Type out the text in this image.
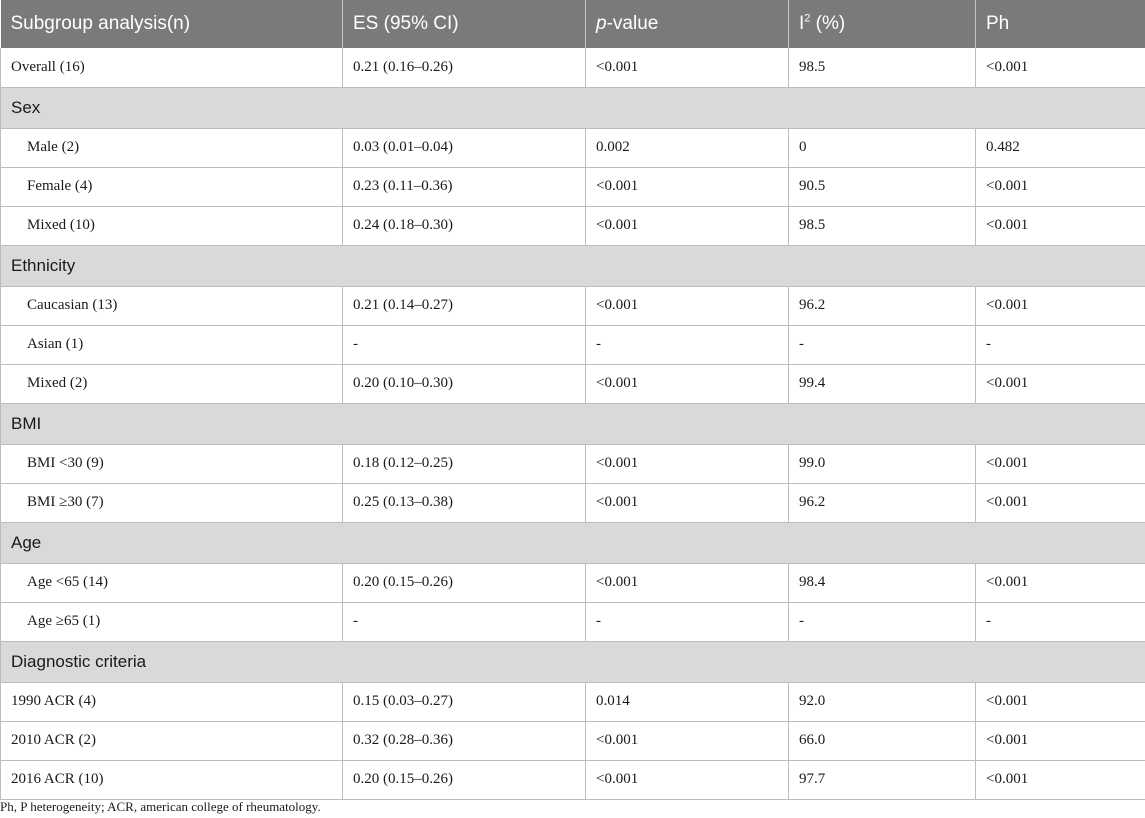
Subgroup analysis(n)	ES (95% CI)	p-value	$I^2$ (%)	Ph
Overall (16)	0.21 (0.16–0.26)	<0.001	98.5	<0.001
Sex				
Male (2)	0.03 (0.01–0.04)	0.002	0	0.482
Female (4)	0.23 (0.11–0.36)	<0.001	90.5	<0.001
Mixed (10)	0.24 (0.18–0.30)	<0.001	98.5	<0.001
Ethnicity				
Caucasian (13)	0.21 (0.14–0.27)	<0.001	96.2	<0.001
Asian (1)	-	-	-	-
Mixed (2)	0.20 (0.10–0.30)	<0.001	99.4	<0.001
BMI				
BMI <30 (9)	0.18 (0.12–0.25)	<0.001	99.0	<0.001
BMI ≥30 (7)	0.25 (0.13–0.38)	<0.001	96.2	<0.001
Age				
Age <65 (14)	0.20 (0.15–0.26)	<0.001	98.4	<0.001
Age ≥65 (1)	-	-	-	-
Diagnostic criteria				
1990 ACR (4)	0.15 (0.03–0.27)	0.014	92.0	<0.001
2010 ACR (2)	0.32 (0.28–0.36)	<0.001	66.0	<0.001
2016 ACR (10)	0.20 (0.15–0.26)	<0.001	97.7	<0.001

Ph, P heterogeneity; ACR, american college of rheumatology.
